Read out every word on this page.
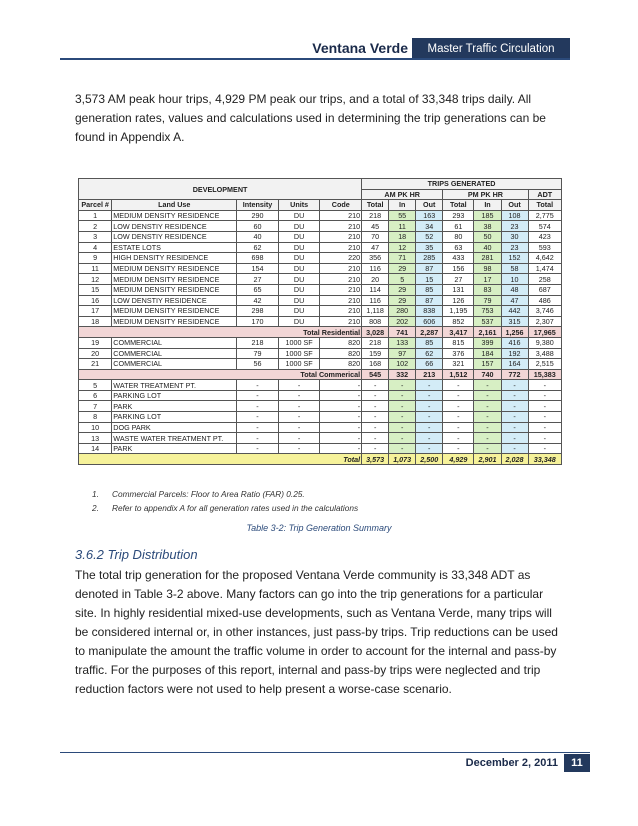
Ventana Verde	Master Traffic Circulation
3,573 AM peak hour trips, 4,929 PM peak our trips, and a total of 33,348 trips daily. All generation rates, values and calculations used in determining the trip generations can be found in Appendix A.
DEVELOPMENT					TRIPS GENERATED						
					AM PK HR			PM PK HR			ADT
Parcel #	Land Use	Intensity	Units	Code	Total	In	Out	Total	In	Out	Total
1	MEDIUM DENSITY RESIDENCE	290	DU	210	218	55	163	293	185	108	2,775
2	LOW DENSTIY RESIDENCE	60	DU	210	45	11	34	61	38	23	574
3	LOW DENSTIY RESIDENCE	40	DU	210	70	18	52	80	50	30	423
4	ESTATE LOTS	62	DU	210	47	12	35	63	40	23	593
9	HIGH DENSITY RESIDENCE	698	DU	220	356	71	285	433	281	152	4,642
11	MEDIUM DENSITY RESIDENCE	154	DU	210	116	29	87	156	98	58	1,474
12	MEDIUM DENSITY RESIDENCE	27	DU	210	20	5	15	27	17	10	258
15	MEDIUM DENSITY RESIDENCE	65	DU	210	114	29	85	131	83	48	687
16	LOW DENSTIY RESIDENCE	42	DU	210	116	29	87	126	79	47	486
17	MEDIUM DENSITY RESIDENCE	298	DU	210	1,118	280	838	1,195	753	442	3,746
18	MEDIUM DENSITY RESIDENCE	170	DU	210	808	202	606	852	537	315	2,307
Total Residential					3,028	741	2,287	3,417	2,161	1,256	17,965
19	COMMERCIAL	218	1000 SF	820	218	133	85	815	399	416	9,380
20	COMMERCIAL	79	1000 SF	820	159	97	62	376	184	192	3,488
21	COMMERCIAL	56	1000 SF	820	168	102	66	321	157	164	2,515
Total Commerical					545	332	213	1,512	740	772	15,383
5	WATER TREATMENT PT.	-	-	-	-	-	-	-	-	-	-
6	PARKING LOT	-	-	-	-	-	-	-	-	-	-
7	PARK	-	-	-	-	-	-	-	-	-	-
8	PARKING LOT	-	-	-	-	-	-	-	-	-	-
10	DOG PARK	-	-	-	-	-	-	-	-	-	-
13	WASTE WATER TREATMENT PT.	-	-	-	-	-	-	-	-	-	-
14	PARK	-	-	-	-	-	-	-	-	-	-
Total					3,573	1,073	2,500	4,929	2,901	2,028	33,348
1. Commercial Parcels: Floor to Area Ratio (FAR) 0.25.
2. Refer to appendix A for all generation rates used in the calculations
Table 3-2: Trip Generation Summary
3.6.2 Trip Distribution
The total trip generation for the proposed Ventana Verde community is 33,348 ADT as denoted in Table 3-2 above. Many factors can go into the trip generations for a particular site. In highly residential mixed-use developments, such as Ventana Verde, many trips will be considered internal or, in other instances, just pass-by trips. Trip reductions can be used to manipulate the amount the traffic volume in order to account for the internal and pass-by traffic. For the purposes of this report, internal and pass-by trips were neglected and trip reduction factors were not used to help present a worse-case scenario.
December 2, 2011	11
